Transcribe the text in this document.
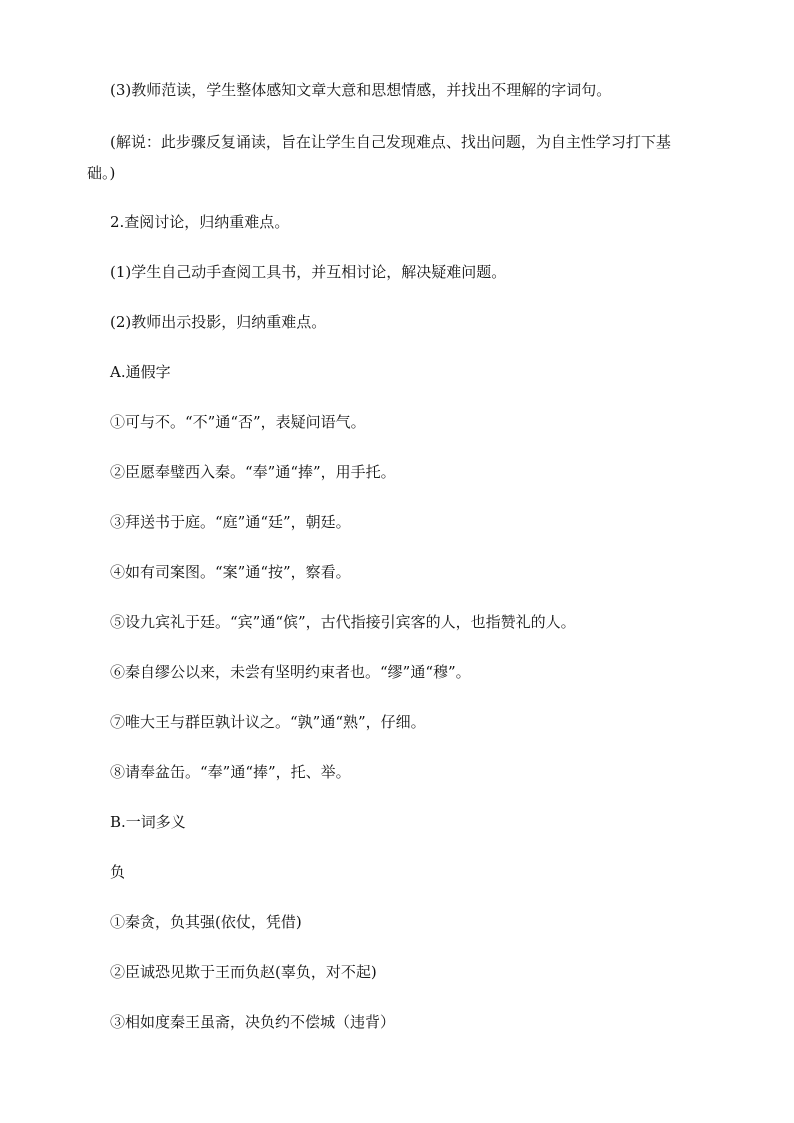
(3)教师范读，学生整体感知文章大意和思想情感，并找出不理解的字词句。
(解说：此步骤反复诵读，旨在让学生自己发现难点、找出问题，为自主性学习打下基
础。)
2.查阅讨论，归纳重难点。
(1)学生自己动手查阅工具书，并互相讨论，解决疑难问题。
(2)教师出示投影，归纳重难点。
A.通假字
①可与不。“不”通“否”，表疑问语气。
②臣愿奉璧西入秦。“奉”通“捧”，用手托。
③拜送书于庭。“庭”通“廷”，朝廷。
④如有司案图。“案”通“按”，察看。
⑤设九宾礼于廷。“宾”通“傧”，古代指接引宾客的人，也指赞礼的人。
⑥秦自缪公以来，未尝有坚明约束者也。“缪”通“穆”。
⑦唯大王与群臣孰计议之。“孰”通“熟”，仔细。
⑧请奉盆缶。“奉”通“捧”，托、举。
B.一词多义
负
①秦贪，负其强(依仗，凭借)
②臣诚恐见欺于王而负赵(辜负，对不起)
③相如度秦王虽斋，决负约不偿城（违背）
